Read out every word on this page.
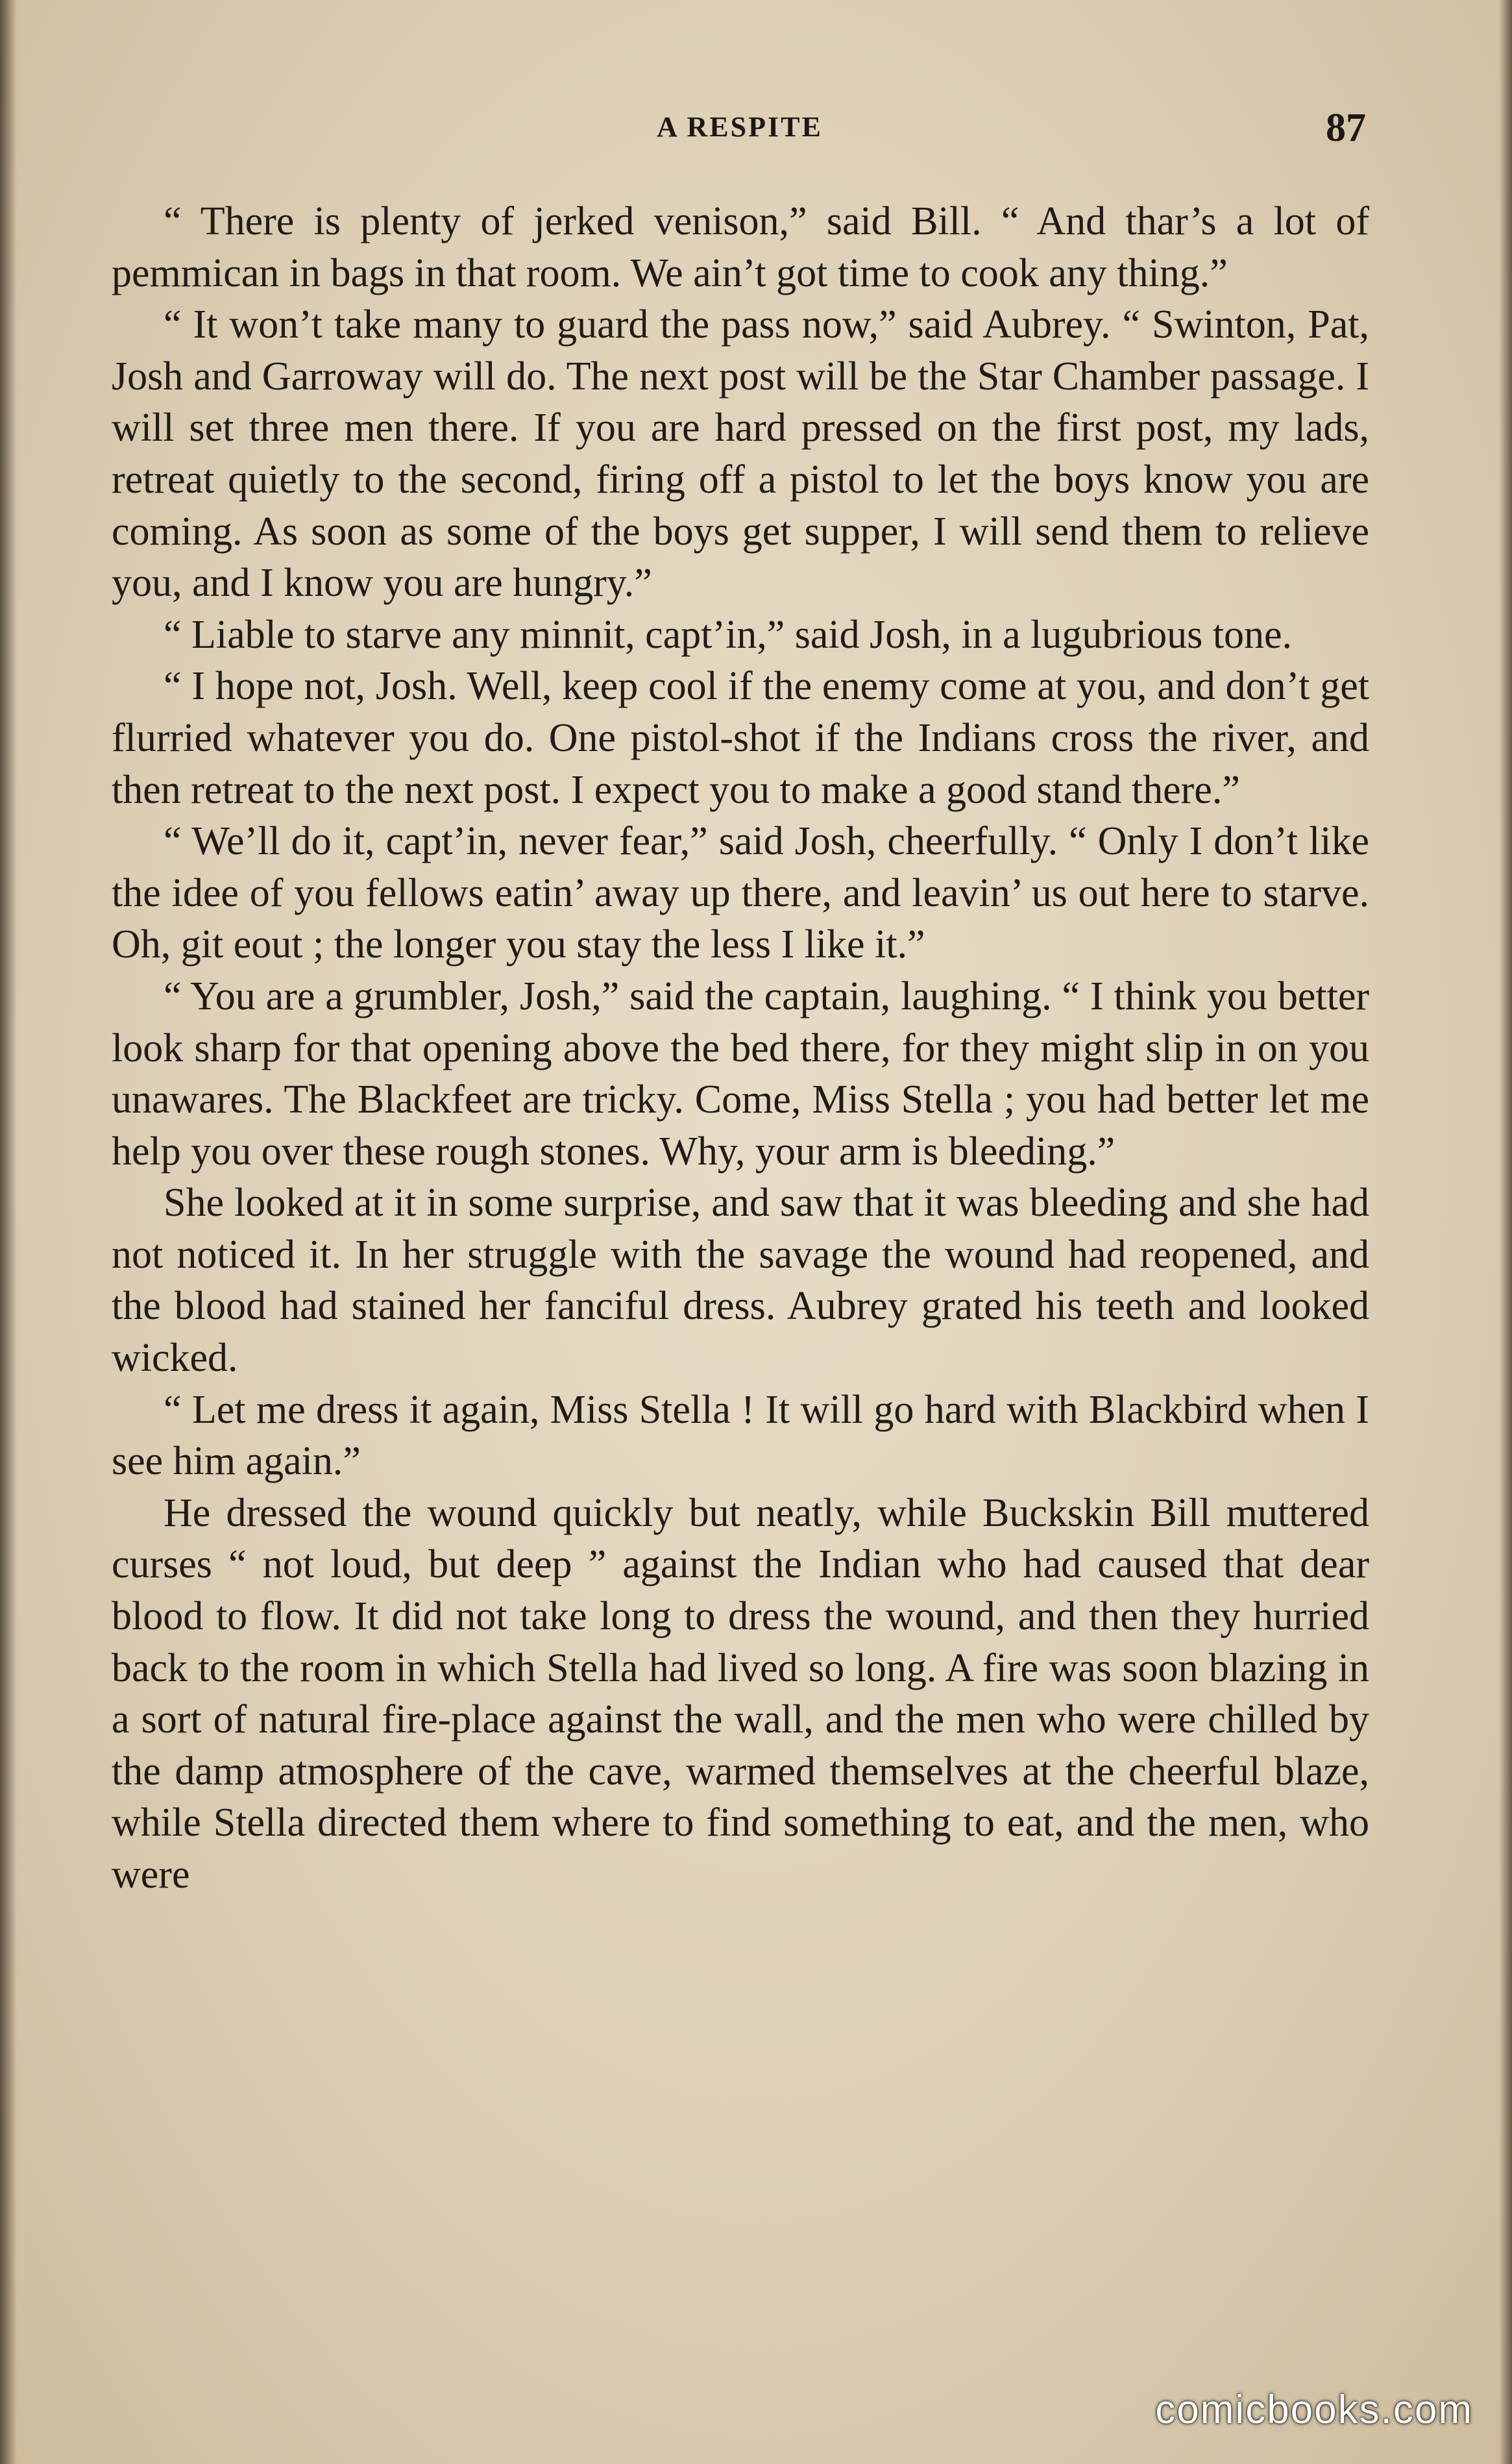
A RESPITE	87

“ There is plenty of jerked venison,” said Bill. “ And thar’s a lot of pemmican in bags in that room. We ain’t got time to cook any thing.”

“ It won’t take many to guard the pass now,” said Aubrey. “ Swinton, Pat, Josh and Garroway will do. The next post will be the Star Chamber passage. I will set three men there. If you are hard pressed on the first post, my lads, retreat quietly to the second, firing off a pistol to let the boys know you are coming. As soon as some of the boys get supper, I will send them to relieve you, and I know you are hungry.”

“ Liable to starve any minnit, capt’in,” said Josh, in a lugubrious tone.

“ I hope not, Josh. Well, keep cool if the enemy come at you, and don’t get flurried whatever you do. One pistol-shot if the Indians cross the river, and then retreat to the next post. I expect you to make a good stand there.”

“ We’ll do it, capt’in, never fear,” said Josh, cheerfully. “ Only I don’t like the idee of you fellows eatin’ away up there, and leavin’ us out here to starve. Oh, git eout ; the longer you stay the less I like it.”

“ You are a grumbler, Josh,” said the captain, laughing. “ I think you better look sharp for that opening above the bed there, for they might slip in on you unawares. The Blackfeet are tricky. Come, Miss Stella ; you had better let me help you over these rough stones. Why, your arm is bleeding.”

She looked at it in some surprise, and saw that it was bleeding and she had not noticed it. In her struggle with the savage the wound had reopened, and the blood had stained her fanciful dress. Aubrey grated his teeth and looked wicked.

“ Let me dress it again, Miss Stella ! It will go hard with Blackbird when I see him again.”

He dressed the wound quickly but neatly, while Buckskin Bill muttered curses “ not loud, but deep ” against the Indian who had caused that dear blood to flow. It did not take long to dress the wound, and then they hurried back to the room in which Stella had lived so long. A fire was soon blazing in a sort of natural fire-place against the wall, and the men who were chilled by the damp atmosphere of the cave, warmed themselves at the cheerful blaze, while Stella directed them where to find something to eat, and the men, who were

comicbooks.com
